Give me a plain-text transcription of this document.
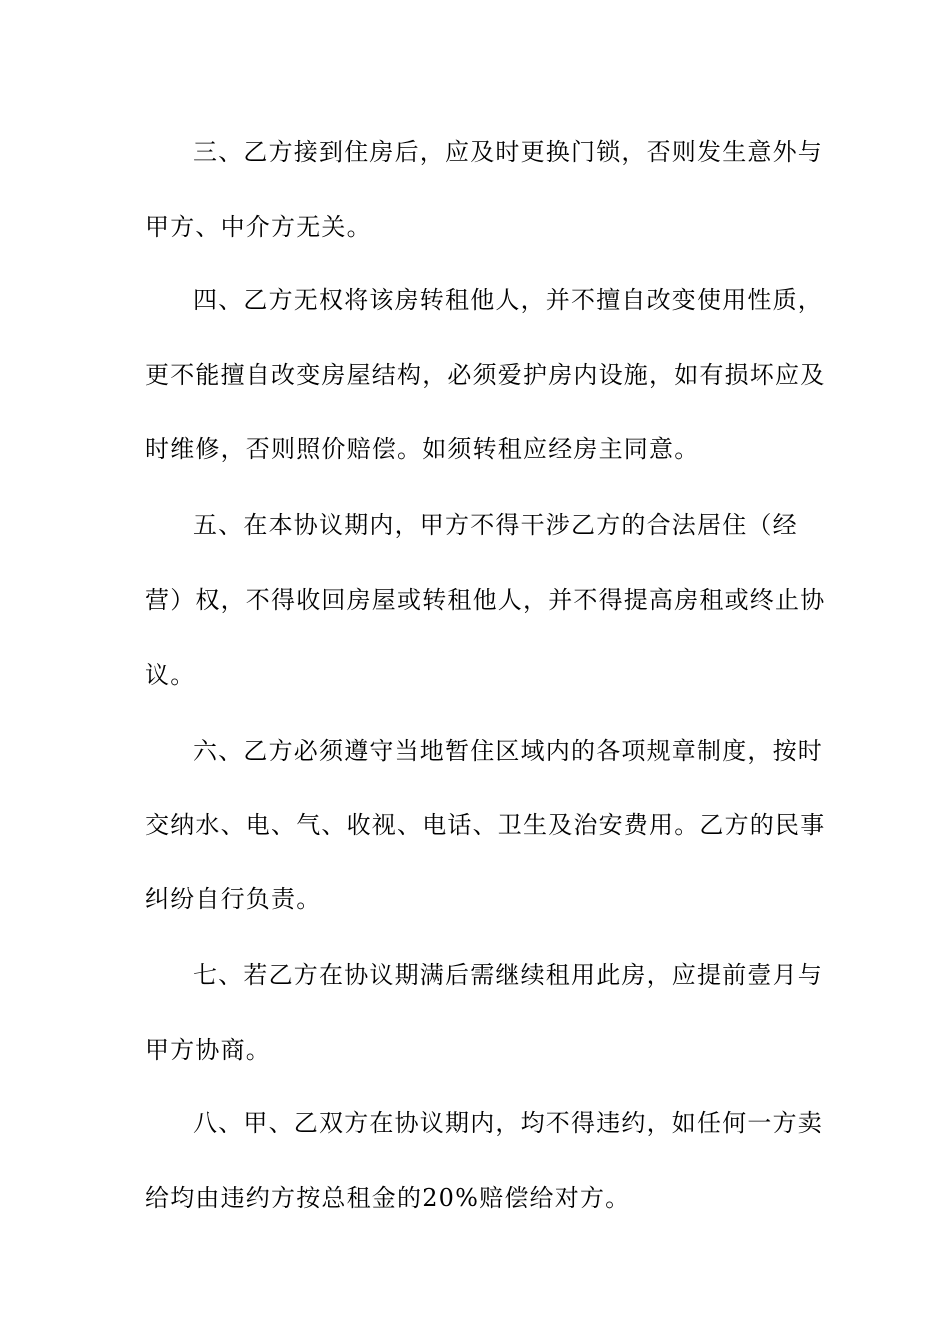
三、乙方接到住房后，应及时更换门锁，否则发生意外与
甲方、中介方无关。
四、乙方无权将该房转租他人，并不擅自改变使用性质，
更不能擅自改变房屋结构，必须爱护房内设施，如有损坏应及
时维修，否则照价赔偿。如须转租应经房主同意。
五、在本协议期内，甲方不得干涉乙方的合法居住（经
营）权，不得收回房屋或转租他人，并不得提高房租或终止协
议。
六、乙方必须遵守当地暂住区域内的各项规章制度，按时
交纳水、电、气、收视、电话、卫生及治安费用。乙方的民事
纠纷自行负责。
七、若乙方在协议期满后需继续租用此房，应提前壹月与
甲方协商。
八、甲、乙双方在协议期内，均不得违约，如任何一方卖
给均由违约方按总租金的20%赔偿给对方。
